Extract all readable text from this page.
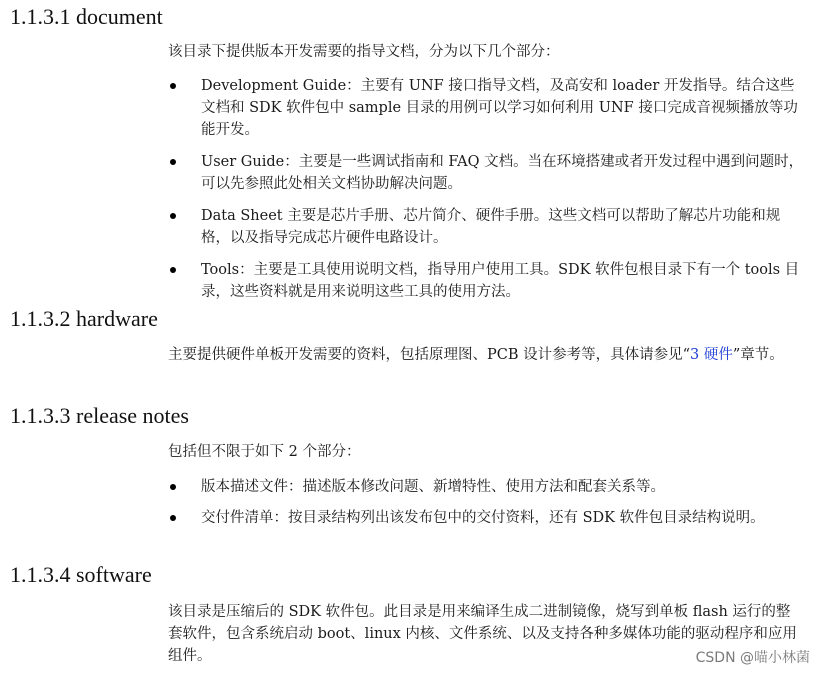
1.1.3.1 document

该目录下提供版本开发需要的指导文档，分为以下几个部分：

Development Guide：主要有 UNF 接口指导文档，及高安和 loader 开发指导。结合这些文档和 SDK 软件包中 sample 目录的用例可以学习如何利用 UNF 接口完成音视频播放等功能开发。
User Guide：主要是一些调试指南和 FAQ 文档。当在环境搭建或者开发过程中遇到问题时，可以先参照此处相关文档协助解决问题。
Data Sheet 主要是芯片手册、芯片简介、硬件手册。这些文档可以帮助了解芯片功能和规格，以及指导完成芯片硬件电路设计。
Tools：主要是工具使用说明文档，指导用户使用工具。SDK 软件包根目录下有一个 tools 目录，这些资料就是用来说明这些工具的使用方法。
1.1.3.2 hardware

主要提供硬件单板开发需要的资料，包括原理图、PCB 设计参考等，具体请参见“3 硬件”章节。

1.1.3.3 release notes

包括但不限于如下 2 个部分：

版本描述文件：描述版本修改问题、新增特性、使用方法和配套关系等。
交付件清单：按目录结构列出该发布包中的交付资料，还有 SDK 软件包目录结构说明。
1.1.3.4 software

该目录是压缩后的 SDK 软件包。此目录是用来编译生成二进制镜像，烧写到单板 flash 运行的整套软件，包含系统启动 boot、linux 内核、文件系统、以及支持各种多媒体功能的驱动程序和应用组件。	CSDN @喵小林菌
